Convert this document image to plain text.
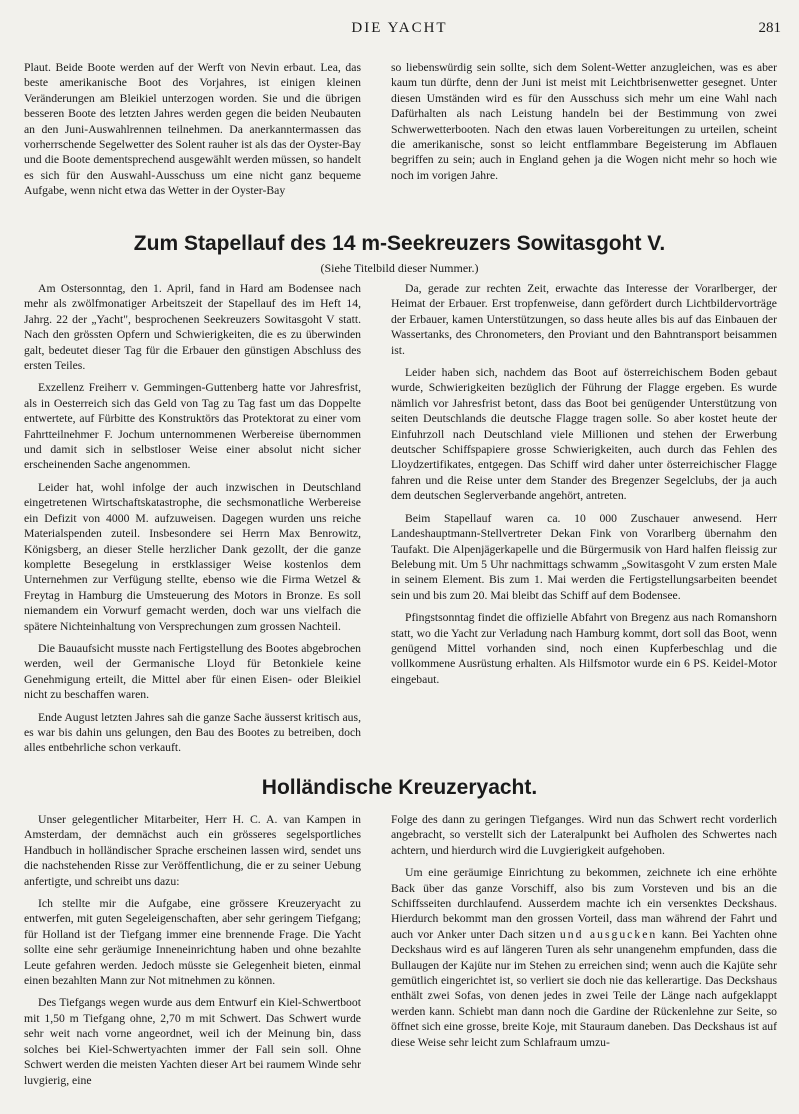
DIE YACHT	281

Plaut. Beide Boote werden auf der Werft von Nevin erbaut. Lea, das beste amerikanische Boot des Vorjahres, ist einigen kleinen Veränderungen am Bleikiel unterzogen worden. Sie und die übrigen besseren Boote des letzten Jahres werden gegen die beiden Neubauten an den Juni-Auswahlrennen teilnehmen. Da anerkanntermassen das vorherrschende Segelwetter des Solent rauher ist als das der Oyster-Bay und die Boote dementsprechend ausgewählt werden müssen, so handelt es sich für den Auswahl-Ausschuss um eine nicht ganz bequeme Aufgabe, wenn nicht etwa das Wetter in der Oyster-Bay

so liebenswürdig sein sollte, sich dem Solent-Wetter anzugleichen, was es aber kaum tun dürfte, denn der Juni ist meist mit Leichtbrisenwetter gesegnet. Unter diesen Umständen wird es für den Ausschuss sich mehr um eine Wahl nach Dafürhalten als nach Leistung handeln bei der Bestimmung von zwei Schwerwetterbooten. Nach den etwas lauen Vorbereitungen zu urteilen, scheint die amerikanische, sonst so leicht entflammbare Begeisterung im Abflauen begriffen zu sein; auch in England gehen ja die Wogen nicht mehr so hoch wie noch im vorigen Jahre.

Zum Stapellauf des 14 m-Seekreuzers Sowitasgoht V.
(Siehe Titelbild dieser Nummer.)

Am Ostersonntag, den 1. April, fand in Hard am Bodensee nach mehr als zwölfmonatiger Arbeitszeit der Stapellauf des im Heft 14, Jahrg. 22 der „Yacht", besprochenen Seekreuzers Sowitasgoht V statt. Nach den grössten Opfern und Schwierigkeiten, die es zu überwinden galt, bedeutet dieser Tag für die Erbauer den günstigen Abschluss des ersten Teiles.

Exzellenz Freiherr v. Gemmingen-Guttenberg hatte vor Jahresfrist, als in Oesterreich sich das Geld von Tag zu Tag fast um das Doppelte entwertete, auf Fürbitte des Konstruktörs das Protektorat zu einer vom Fahrtteilnehmer F. Jochum unternommenen Werbereise übernommen und damit sich in selbstloser Weise einer absolut nicht sicher erscheinenden Sache angenommen.

Leider hat, wohl infolge der auch inzwischen in Deutschland eingetretenen Wirtschaftskatastrophe, die sechsmonatliche Werbereise ein Defizit von 4000 M. aufzuweisen. Dagegen wurden uns reiche Materialspenden zuteil. Insbesondere sei Herrn Max Benrowitz, Königsberg, an dieser Stelle herzlicher Dank gezollt, der die ganze komplette Besegelung in erstklassiger Weise kostenlos dem Unternehmen zur Verfügung stellte, ebenso wie die Firma Wetzel & Freytag in Hamburg die Umsteuerung des Motors in Bronze. Es soll niemandem ein Vorwurf gemacht werden, doch war uns vielfach die spätere Nichteinhaltung von Versprechungen zum grossen Nachteil.

Die Bauaufsicht musste nach Fertigstellung des Bootes abgebrochen werden, weil der Germanische Lloyd für Betonkiele keine Genehmigung erteilt, die Mittel aber für einen Eisen- oder Bleikiel nicht zu beschaffen waren.

Ende August letzten Jahres sah die ganze Sache äusserst kritisch aus, es war bis dahin uns gelungen, den Bau des Bootes zu betreiben, doch alles entbehrliche schon verkauft.

Da, gerade zur rechten Zeit, erwachte das Interesse der Vorarlberger, der Heimat der Erbauer. Erst tropfenweise, dann gefördert durch Lichtbildervorträge der Erbauer, kamen Unterstützungen, so dass heute alles bis auf das Einbauen der Wassertanks, des Chronometers, den Proviant und den Bahntransport beisammen ist.

Leider haben sich, nachdem das Boot auf österreichischem Boden gebaut wurde, Schwierigkeiten bezüglich der Führung der Flagge ergeben. Es wurde nämlich vor Jahresfrist betont, dass das Boot bei genügender Unterstützung von seiten Deutschlands die deutsche Flagge tragen solle. So aber kostet heute der Einfuhrzoll nach Deutschland viele Millionen und stehen der Erwerbung deutscher Schiffspapiere grosse Schwierigkeiten, auch durch das Fehlen des Lloydzertifikates, entgegen. Das Schiff wird daher unter österreichischer Flagge fahren und die Reise unter dem Stander des Bregenzer Segelclubs, der ja auch dem deutschen Seglerverbande angehört, antreten.

Beim Stapellauf waren ca. 10 000 Zuschauer anwesend. Herr Landeshauptmann-Stellvertreter Dekan Fink von Vorarlberg übernahm den Taufakt. Die Alpenjägerkapelle und die Bürgermusik von Hard halfen fleissig zur Belebung mit. Um 5 Uhr nachmittags schwamm „Sowitasgoht V zum ersten Male in seinem Element. Bis zum 1. Mai werden die Fertigstellungsarbeiten beendet sein und bis zum 20. Mai bleibt das Schiff auf dem Bodensee.

Pfingstsonntag findet die offizielle Abfahrt von Bregenz aus nach Romanshorn statt, wo die Yacht zur Verladung nach Hamburg kommt, dort soll das Boot, wenn genügend Mittel vorhanden sind, noch einen Kupferbeschlag und die vollkommene Ausrüstung erhalten. Als Hilfsmotor wurde ein 6 PS. Keidel-Motor eingebaut.

Holländische Kreuzeryacht.

Unser gelegentlicher Mitarbeiter, Herr H. C. A. van Kampen in Amsterdam, der demnächst auch ein grösseres segelsportliches Handbuch in holländischer Sprache erscheinen lassen wird, sendet uns die nachstehenden Risse zur Veröffentlichung, die er zu seiner Uebung anfertigte, und schreibt uns dazu:

Ich stellte mir die Aufgabe, eine grössere Kreuzeryacht zu entwerfen, mit guten Segeleigenschaften, aber sehr geringem Tiefgang; für Holland ist der Tiefgang immer eine brennende Frage. Die Yacht sollte eine sehr geräumige Inneneinrichtung haben und ohne bezahlte Leute gefahren werden. Jedoch müsste sie Gelegenheit bieten, einmal einen bezahlten Mann zur Not mitnehmen zu können.

Des Tiefgangs wegen wurde aus dem Entwurf ein Kiel-Schwertboot mit 1,50 m Tiefgang ohne, 2,70 m mit Schwert. Das Schwert wurde sehr weit nach vorne angeordnet, weil ich der Meinung bin, dass solches bei Kiel-Schwertyachten immer der Fall sein soll. Ohne Schwert werden die meisten Yachten dieser Art bei raumem Winde sehr luvgierig, eine

Folge des dann zu geringen Tiefganges. Wird nun das Schwert recht vorderlich angebracht, so verstellt sich der Lateralpunkt bei Aufholen des Schwertes nach achtern, und hierdurch wird die Luvgierigkeit aufgehoben.

Um eine geräumige Einrichtung zu bekommen, zeichnete ich eine erhöhte Back über das ganze Vorschiff, also bis zum Vorsteven und bis an die Schiffsseiten durchlaufend. Ausserdem machte ich ein versenktes Deckshaus. Hierdurch bekommt man den grossen Vorteil, dass man während der Fahrt und auch vor Anker unter Dach sitzen und ausgucken kann. Bei Yachten ohne Deckshaus wird es auf längeren Turen als sehr unangenehm empfunden, dass die Bullaugen der Kajüte nur im Stehen zu erreichen sind; wenn auch die Kajüte sehr gemütlich eingerichtet ist, so verliert sie doch nie das kellerartige. Das Deckshaus enthält zwei Sofas, von denen jedes in zwei Teile der Länge nach aufgeklappt werden kann. Schiebt man dann noch die Gardine der Rückenlehne zur Seite, so öffnet sich eine grosse, breite Koje, mit Stauraum daneben. Das Deckshaus ist auf diese Weise sehr leicht zum Schlafraum umzu-
